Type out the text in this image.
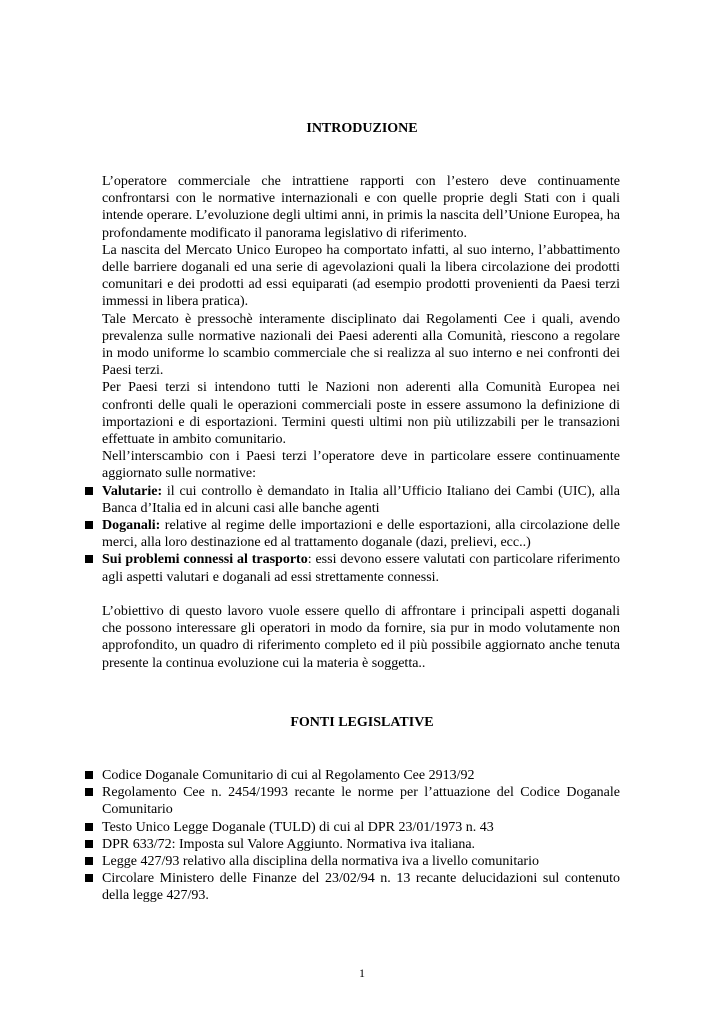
INTRODUZIONE

L’operatore commerciale che intrattiene rapporti con l’estero deve continuamente confrontarsi con le normative internazionali e con quelle proprie degli Stati con i quali intende operare. L’evoluzione degli ultimi anni, in primis la nascita dell’Unione Europea, ha profondamente modificato il panorama legislativo di riferimento.

La nascita del Mercato Unico Europeo ha comportato infatti, al suo interno, l’abbattimento delle barriere doganali ed una serie di agevolazioni quali la libera circolazione dei prodotti comunitari e dei prodotti ad essi equiparati (ad esempio prodotti provenienti da Paesi terzi immessi in libera pratica).

Tale Mercato è pressochè interamente disciplinato dai Regolamenti Cee i quali, avendo prevalenza sulle normative nazionali dei Paesi aderenti alla Comunità, riescono a regolare in modo uniforme lo scambio commerciale che si realizza al suo interno e nei confronti dei Paesi terzi.

Per Paesi terzi si intendono tutti le Nazioni non aderenti alla Comunità Europea nei confronti delle quali le operazioni commerciali poste in essere assumono la definizione di importazioni e di esportazioni. Termini questi ultimi non più utilizzabili per le transazioni effettuate in ambito comunitario.

Nell’interscambio con i Paesi terzi l’operatore deve in particolare essere continuamente aggiornato sulle normative:

Valutarie: il cui controllo è demandato in Italia all’Ufficio Italiano dei Cambi (UIC), alla Banca d’Italia ed in alcuni casi alle banche agenti
Doganali: relative al regime delle importazioni e delle esportazioni, alla circolazione delle merci, alla loro destinazione ed al trattamento doganale (dazi, prelievi, ecc..)
Sui problemi connessi al trasporto: essi devono essere valutati con particolare riferimento agli aspetti valutari e doganali ad essi strettamente connessi.

L’obiettivo di questo lavoro vuole essere quello di affrontare i principali aspetti doganali che possono interessare gli operatori in modo da fornire, sia pur in modo volutamente non approfondito, un quadro di riferimento completo ed il più possibile aggiornato anche tenuta presente la continua evoluzione cui la materia è soggetta..

FONTI LEGISLATIVE
Codice Doganale Comunitario di cui al Regolamento Cee 2913/92
Regolamento Cee n. 2454/1993 recante le norme per l’attuazione del Codice Doganale Comunitario
Testo Unico Legge Doganale (TULD) di cui al DPR 23/01/1973 n. 43
DPR 633/72: Imposta sul Valore Aggiunto. Normativa iva italiana.
Legge 427/93 relativo alla disciplina della normativa iva a livello comunitario
Circolare Ministero delle Finanze del 23/02/94 n. 13 recante delucidazioni sul contenuto della legge 427/93.
1
